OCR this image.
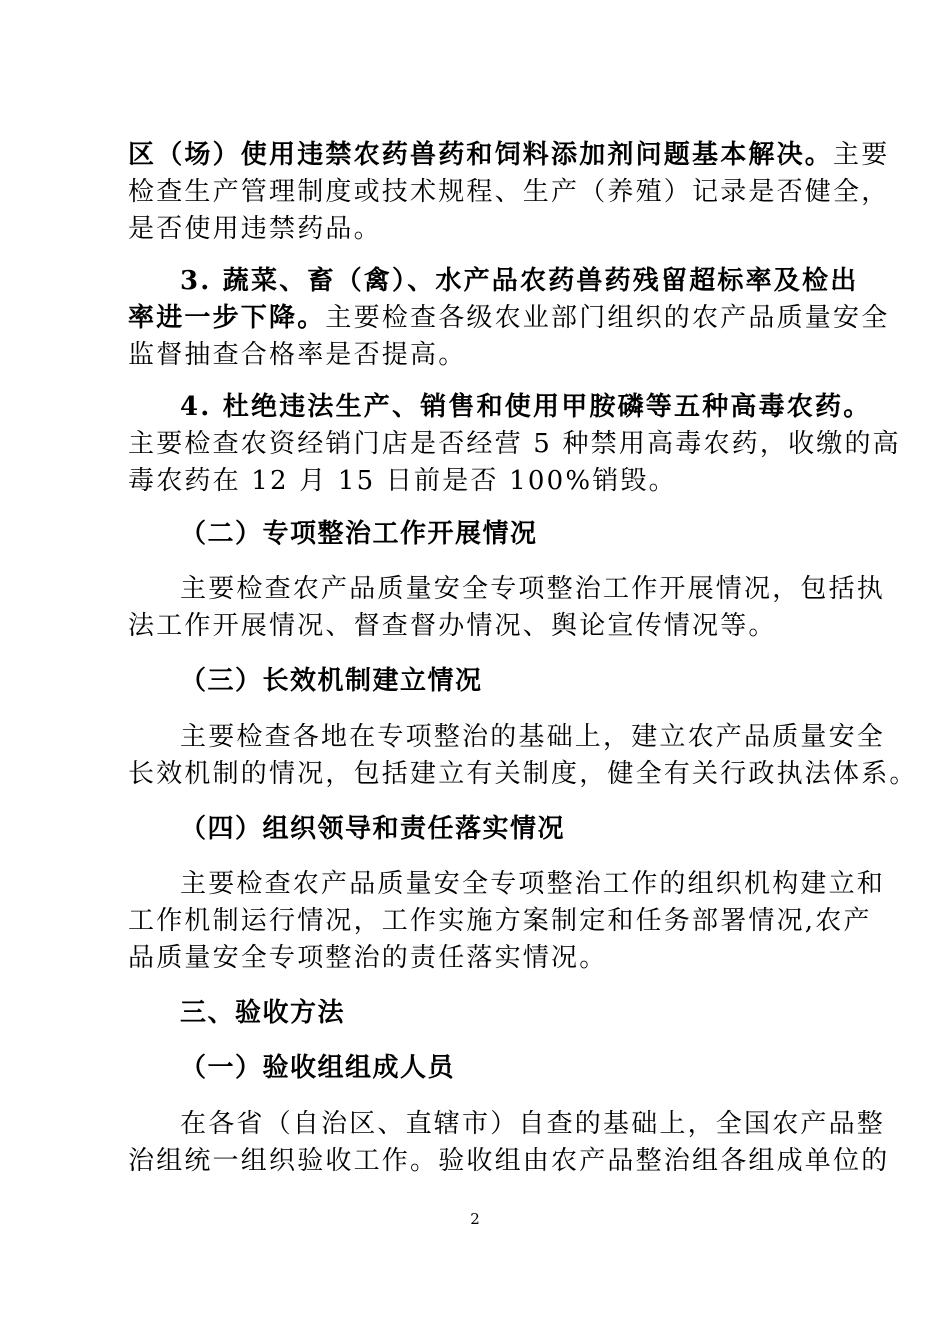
区（场）使用违禁农药兽药和饲料添加剂问题基本解决。主要
检查生产管理制度或技术规程、生产（养殖）记录是否健全，
是否使用违禁药品。
3. 蔬菜、畜（禽）、水产品农药兽药残留超标率及检出
率进一步下降。主要检查各级农业部门组织的农产品质量安全
监督抽查合格率是否提高。
4. 杜绝违法生产、销售和使用甲胺磷等五种高毒农药。
主要检查农资经销门店是否经营 5 种禁用高毒农药，收缴的高
毒农药在 12 月 15 日前是否 100%销毁。
（二）专项整治工作开展情况
主要检查农产品质量安全专项整治工作开展情况，包括执
法工作开展情况、督查督办情况、舆论宣传情况等。
（三）长效机制建立情况
主要检查各地在专项整治的基础上，建立农产品质量安全
长效机制的情况，包括建立有关制度，健全有关行政执法体系。
（四）组织领导和责任落实情况
主要检查农产品质量安全专项整治工作的组织机构建立和
工作机制运行情况，工作实施方案制定和任务部署情况,农产
品质量安全专项整治的责任落实情况。
三、验收方法
（一）验收组组成人员
在各省（自治区、直辖市）自查的基础上，全国农产品整
治组统一组织验收工作。验收组由农产品整治组各组成单位的
2
